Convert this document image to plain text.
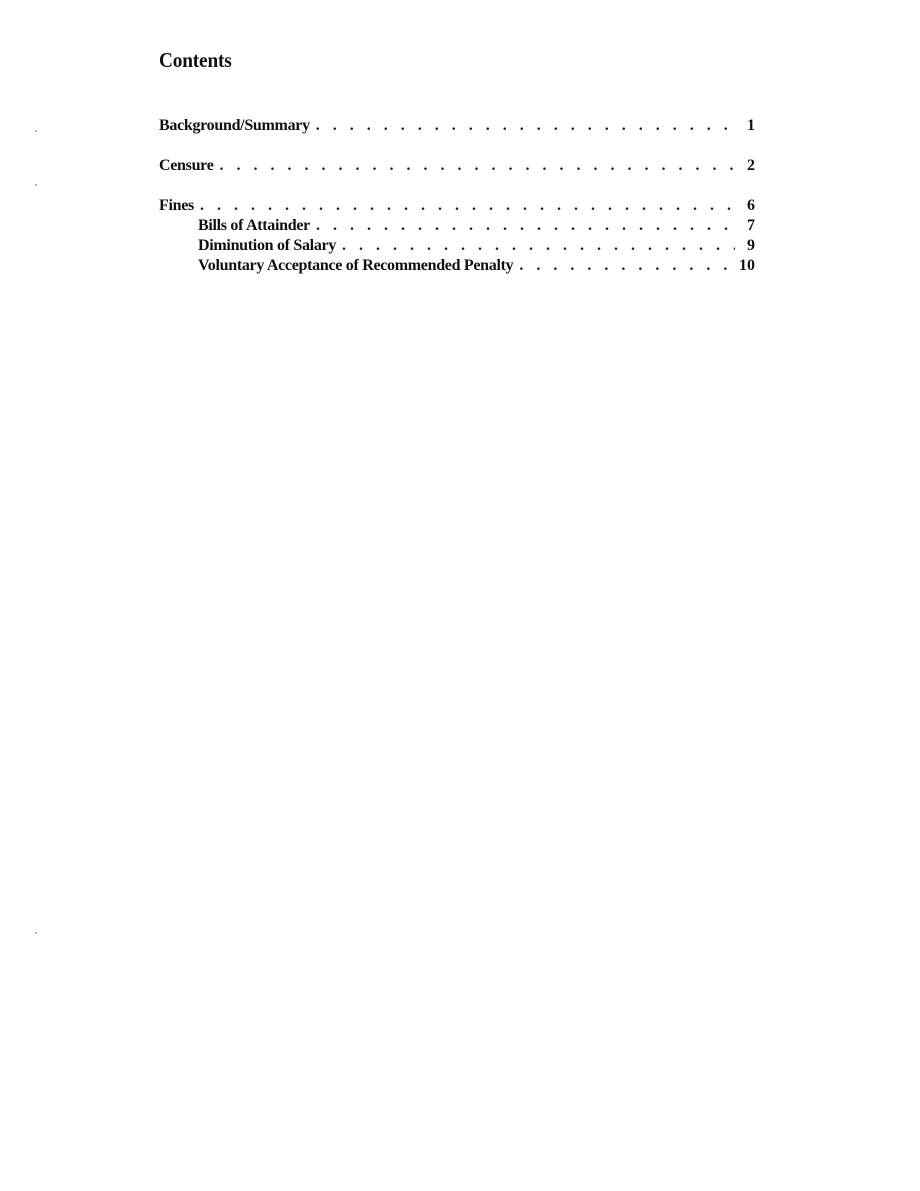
Contents
Background/Summary . . .	1
Censure . . .	2
Fines . . .	6
Bills of Attainder . . .	7
Diminution of Salary . . .	9
Voluntary Acceptance of Recommended Penalty . . .	10
